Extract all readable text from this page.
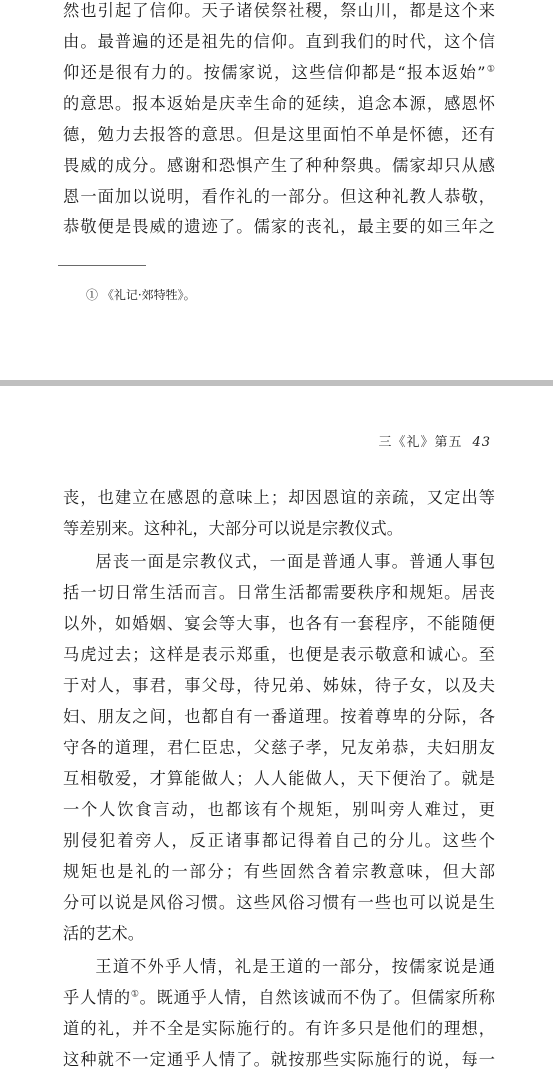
然也引起了信仰。天子诸侯祭社稷，祭山川，都是这个来

由。最普遍的还是祖先的信仰。直到我们的时代，这个信

仰还是很有力的。按儒家说，这些信仰都是“报本返始”①

的意思。报本返始是庆幸生命的延续，追念本源，感恩怀

德，勉力去报答的意思。但是这里面怕不单是怀德，还有

畏威的成分。感谢和恐惧产生了种种祭典。儒家却只从感

恩一面加以说明，看作礼的一部分。但这种礼教人恭敬，

恭敬便是畏威的遗迹了。儒家的丧礼，最主要的如三年之

① 《礼记·郊特牲》。

三《礼》第五 43

丧，也建立在感恩的意味上；却因恩谊的亲疏，又定出等

等差别来。这种礼，大部分可以说是宗教仪式。

居丧一面是宗教仪式，一面是普通人事。普通人事包

括一切日常生活而言。日常生活都需要秩序和规矩。居丧

以外，如婚姻、宴会等大事，也各有一套程序，不能随便

马虎过去；这样是表示郑重，也便是表示敬意和诚心。至

于对人，事君，事父母，待兄弟、姊妹，待子女，以及夫

妇、朋友之间，也都自有一番道理。按着尊卑的分际，各

守各的道理，君仁臣忠，父慈子孝，兄友弟恭，夫妇朋友

互相敬爱，才算能做人；人人能做人，天下便治了。就是

一个人饮食言动，也都该有个规矩，别叫旁人难过，更

别侵犯着旁人，反正诸事都记得着自己的分儿。这些个

规矩也是礼的一部分；有些固然含着宗教意味，但大部

分可以说是风俗习惯。这些风俗习惯有一些也可以说是生

活的艺术。

王道不外乎人情，礼是王道的一部分，按儒家说是通

乎人情的①。既通乎人情，自然该诚而不伪了。但儒家所称

道的礼，并不全是实际施行的。有许多只是他们的理想，

这种就不一定通乎人情了。就按那些实际施行的说，每一
